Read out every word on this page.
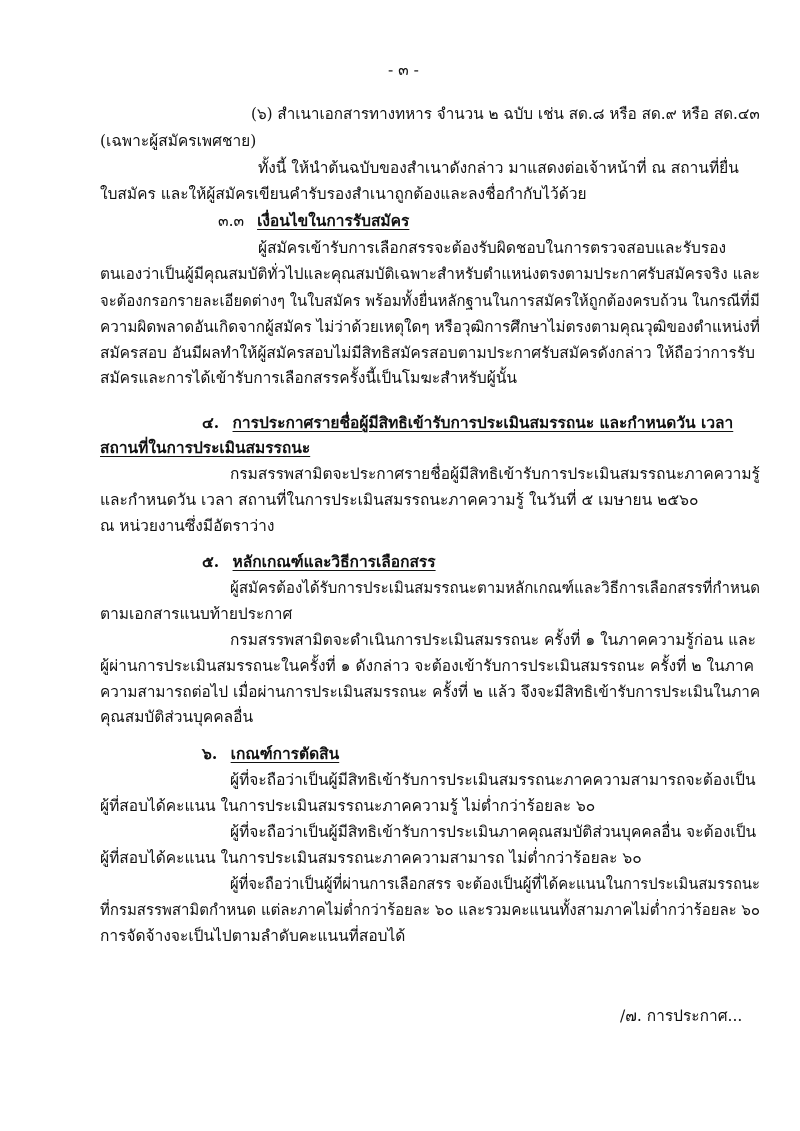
- ๓ -
(๖) สำเนาเอกสารทางทหาร จำนวน ๒ ฉบับ เช่น สด.๘ หรือ สด.๙ หรือ สด.๔๓
(เฉพาะผู้สมัครเพศชาย)
ทั้งนี้ ให้นำต้นฉบับของสำเนาดังกล่าว มาแสดงต่อเจ้าหน้าที่ ณ สถานที่ยื่น
ใบสมัคร และให้ผู้สมัครเขียนคำรับรองสำเนาถูกต้องและลงชื่อกำกับไว้ด้วย
๓.๓ เงื่อนไขในการรับสมัคร
ผู้สมัครเข้ารับการเลือกสรรจะต้องรับผิดชอบในการตรวจสอบและรับรอง
ตนเองว่าเป็นผู้มีคุณสมบัติทั่วไปและคุณสมบัติเฉพาะสำหรับตำแหน่งตรงตามประกาศรับสมัครจริง และ
จะต้องกรอกรายละเอียดต่างๆ ในใบสมัคร พร้อมทั้งยื่นหลักฐานในการสมัครให้ถูกต้องครบถ้วน ในกรณีที่มี
ความผิดพลาดอันเกิดจากผู้สมัคร ไม่ว่าด้วยเหตุใดๆ หรือวุฒิการศึกษาไม่ตรงตามคุณวุฒิของตำแหน่งที่
สมัครสอบ อันมีผลทำให้ผู้สมัครสอบไม่มีสิทธิสมัครสอบตามประกาศรับสมัครดังกล่าว ให้ถือว่าการรับ
สมัครและการได้เข้ารับการเลือกสรรครั้งนี้เป็นโมฆะสำหรับผู้นั้น
๔. การประกาศรายชื่อผู้มีสิทธิเข้ารับการประเมินสมรรถนะ และกำหนดวัน เวลา
สถานที่ในการประเมินสมรรถนะ
กรมสรรพสามิตจะประกาศรายชื่อผู้มีสิทธิเข้ารับการประเมินสมรรถนะภาคความรู้
และกำหนดวัน เวลา สถานที่ในการประเมินสมรรถนะภาคความรู้ ในวันที่ ๕ เมษายน ๒๕๖๐
ณ หน่วยงานซึ่งมีอัตราว่าง
๕. หลักเกณฑ์และวิธีการเลือกสรร
ผู้สมัครต้องได้รับการประเมินสมรรถนะตามหลักเกณฑ์และวิธีการเลือกสรรที่กำหนด
ตามเอกสารแนบท้ายประกาศ
กรมสรรพสามิตจะดำเนินการประเมินสมรรถนะ ครั้งที่ ๑ ในภาคความรู้ก่อน และ
ผู้ผ่านการประเมินสมรรถนะในครั้งที่ ๑ ดังกล่าว จะต้องเข้ารับการประเมินสมรรถนะ ครั้งที่ ๒ ในภาค
ความสามารถต่อไป เมื่อผ่านการประเมินสมรรถนะ ครั้งที่ ๒ แล้ว จึงจะมีสิทธิเข้ารับการประเมินในภาค
คุณสมบัติส่วนบุคคลอื่น
๖. เกณฑ์การตัดสิน
ผู้ที่จะถือว่าเป็นผู้มีสิทธิเข้ารับการประเมินสมรรถนะภาคความสามารถจะต้องเป็น
ผู้ที่สอบได้คะแนน ในการประเมินสมรรถนะภาคความรู้ ไม่ต่ำกว่าร้อยละ ๖๐
ผู้ที่จะถือว่าเป็นผู้มีสิทธิเข้ารับการประเมินภาคคุณสมบัติส่วนบุคคลอื่น จะต้องเป็น
ผู้ที่สอบได้คะแนน ในการประเมินสมรรถนะภาคความสามารถ ไม่ต่ำกว่าร้อยละ ๖๐
ผู้ที่จะถือว่าเป็นผู้ที่ผ่านการเลือกสรร จะต้องเป็นผู้ที่ได้คะแนนในการประเมินสมรรถนะ
ที่กรมสรรพสามิตกำหนด แต่ละภาคไม่ต่ำกว่าร้อยละ ๖๐ และรวมคะแนนทั้งสามภาคไม่ต่ำกว่าร้อยละ ๖๐
การจัดจ้างจะเป็นไปตามลำดับคะแนนที่สอบได้
/๗. การประกาศ...
